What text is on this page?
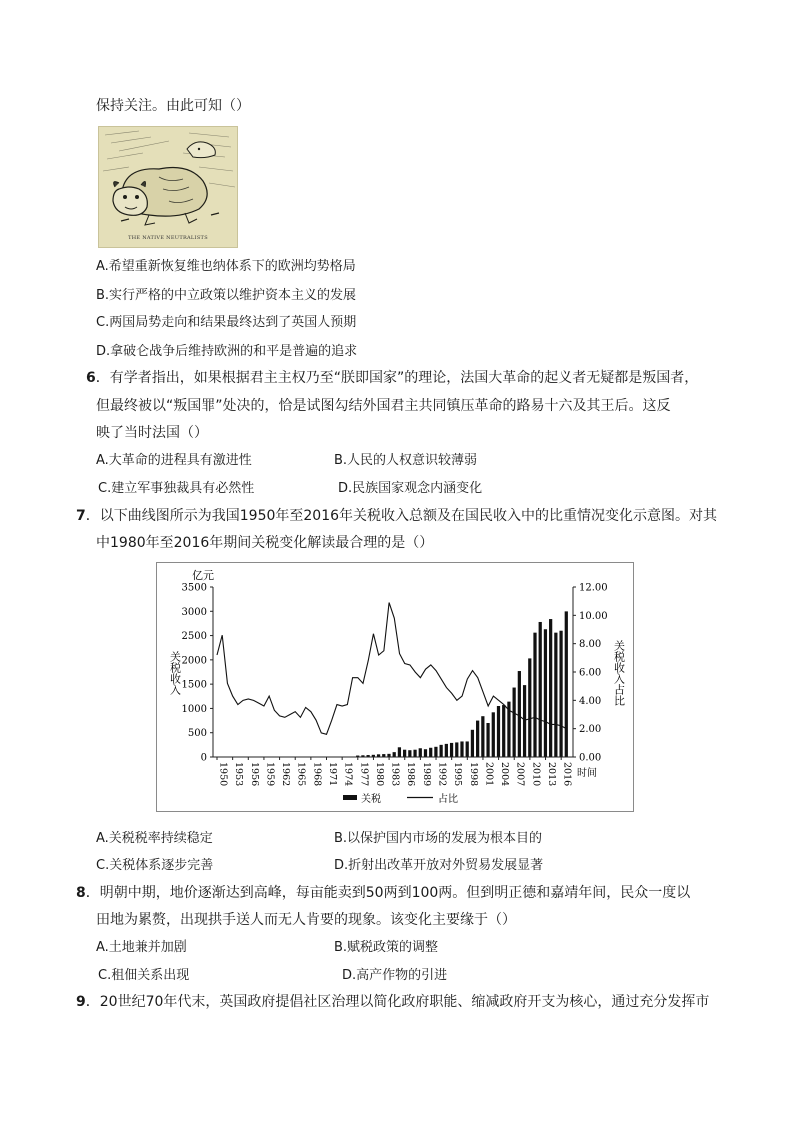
保持关注。由此可知（）
THE NATIVE NEUTRALISTS
A.希望重新恢复维也纳体系下的欧洲均势格局
B.实行严格的中立政策以维护资本主义的发展
C.两国局势走向和结果最终达到了英国人预期
D.拿破仑战争后维持欧洲的和平是普遍的追求
6．有学者指出，如果根据君主主权乃至“朕即国家”的理论，法国大革命的起义者无疑都是叛国者，
但最终被以“叛国罪”处决的，恰是试图勾结外国君主共同镇压革命的路易十六及其王后。这反
映了当时法国（）
A.大革命的进程具有激进性	B.人民的人权意识较薄弱
C.建立军事独裁具有必然性	D.民族国家观念内涵变化
7．以下曲线图所示为我国1950年至2016年关税收入总额及在国民收入中的比重情况变化示意图。对其
中1980年至2016年期间关税变化解读最合理的是（）
0
500
1000
1500
2000
2500
3000
3500
0.00
2.00
4.00
6.00
8.00
10.00
12.00
1950 1953 1956 1959 1962 1965 1968 1971 1974 1977 1980 1983 1986 1989 1992 1995 1998 2001 2004 2007 2010 2013 2016
亿元
关税收入	关税收入占比
时间
关税	占比
A.关税税率持续稳定	B.以保护国内市场的发展为根本目的
C.关税体系逐步完善	D.折射出改革开放对外贸易发展显著
8．明朝中期，地价逐渐达到高峰，每亩能卖到50两到100两。但到明正德和嘉靖年间，民众一度以
田地为累赘，出现拱手送人而无人肯要的现象。该变化主要缘于（）
A.土地兼并加剧	B.赋税政策的调整
C.租佃关系出现	D.高产作物的引进
9．20世纪70年代末，英国政府提倡社区治理以简化政府职能、缩减政府开支为核心，通过充分发挥市
